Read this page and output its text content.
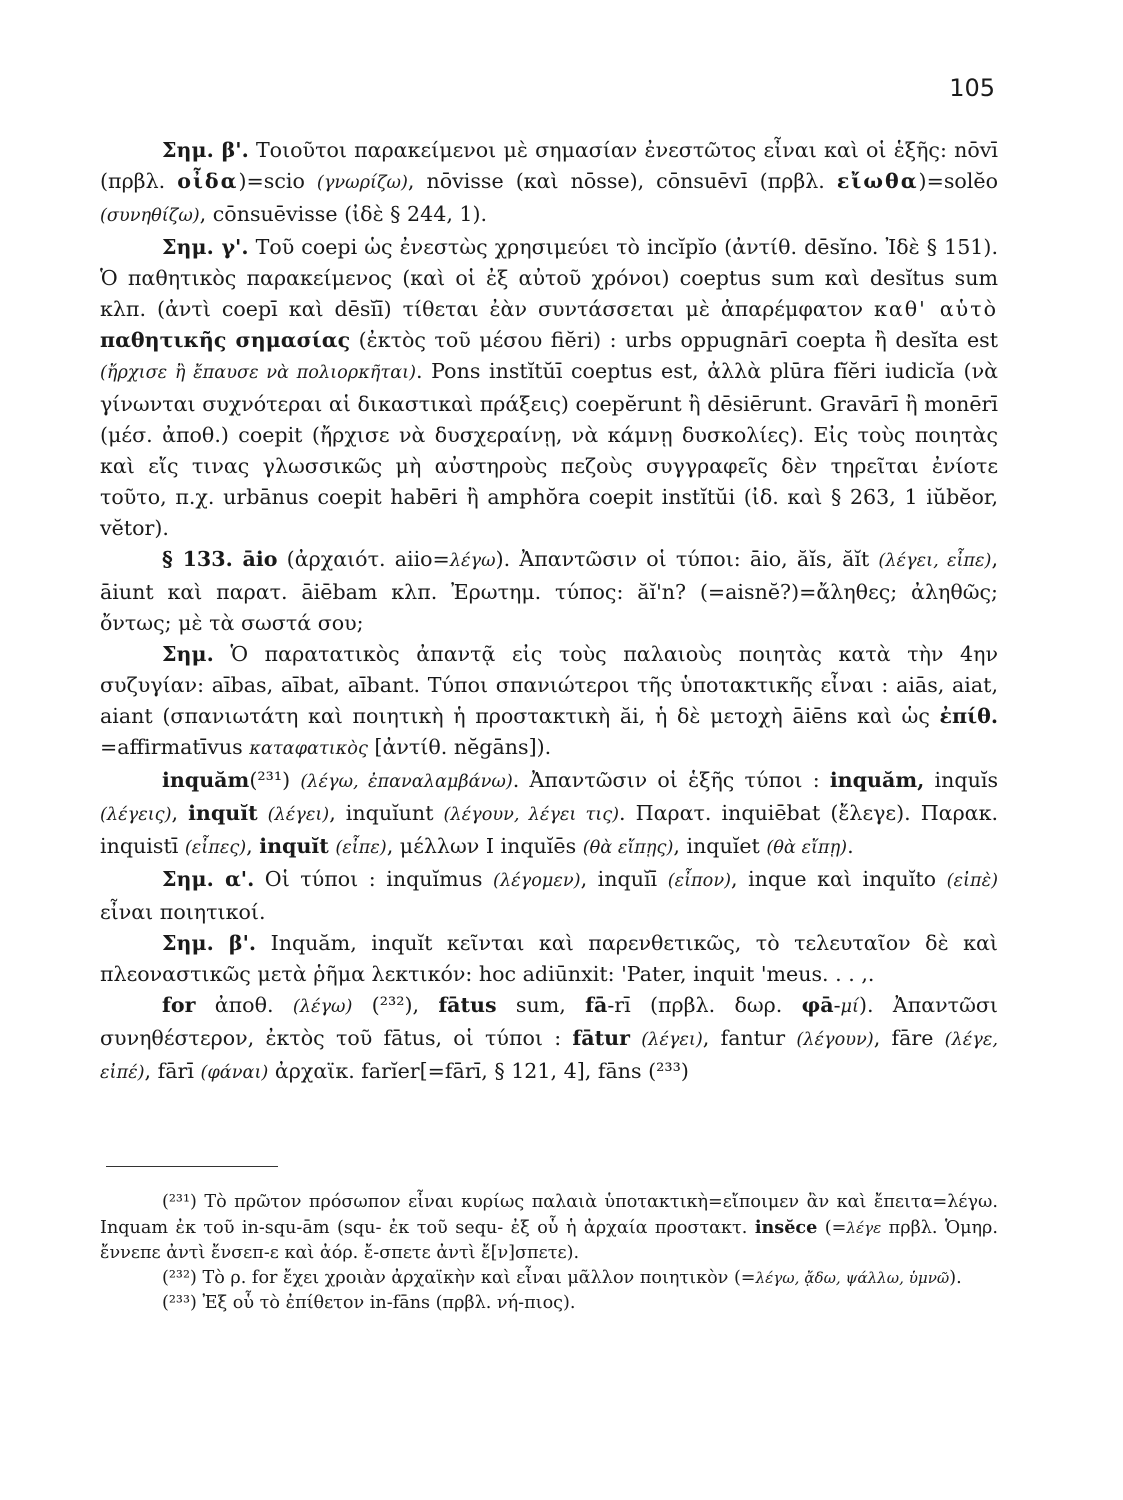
105

Σημ. β'. Τοιοῦτοι παρακείμενοι μὲ σημασίαν ἐνεστῶτος εἶναι καὶ οἱ ἑξῆς: nōvī (πρβλ. οἶδα)=scio (γνωρίζω), nōvisse (καὶ nōsse), cōnsuēvī (πρβλ. εἴωθα)=solĕo (συνηθίζω), cōnsuēvisse (ἰδὲ § 244, 1).

Σημ. γ'. Τοῦ coepi ὡς ἐνεστὼς χρησιμεύει τὸ incĭpĭo (ἀντίθ. dēsĭno. Ἰδὲ § 151). Ὁ παθητικὸς παρακείμενος (καὶ οἱ ἐξ αὐτοῦ χρόνοι) coeptus sum καὶ desĭtus sum κλπ. (ἀντὶ coepī καὶ dēsĭī) τίθεται ἐὰν συντάσσεται μὲ ἀπαρέμφατον καθ' αὑτὸ παθητικῆς σημασίας (ἐκτὸς τοῦ μέσου fiĕri) : urbs oppugnārī coepta ἢ desĭta est (ἤρχισε ἢ ἔπαυσε νὰ πολιορκῆται). Pons instĭtŭī coeptus est, ἀλλὰ plūra fĭĕri iudicĭa (νὰ γίνωνται συχνότεραι αἱ δικαστικαὶ πράξεις) coepĕrunt ἢ dēsiērunt. Gravārī ἢ monērī (μέσ. ἀποθ.) coepit (ἤρχισε νὰ δυσχεραίνῃ, νὰ κάμνῃ δυσκολίες). Εἰς τοὺς ποιητὰς καὶ εἴς τινας γλωσσικῶς μὴ αὐστηροὺς πεζοὺς συγγραφεῖς δὲν τηρεῖται ἐνίοτε τοῦτο, π.χ. urbānus coepit habēri ἢ amphŏra coepit instĭtŭi (ἰδ. καὶ § 263, 1 iŭbĕor, vĕtor).

§ 133. āio (ἀρχαιότ. aiio=λέγω). Ἀπαντῶσιν οἱ τύποι: āio, ăĭs, ăĭt (λέγει, εἶπε), āiunt καὶ παρατ. āiēbam κλπ. Ἐρωτημ. τύπος: ăĭ'n? (=aisnĕ?)=ἄληθες; ἀληθῶς; ὄντως; μὲ τὰ σωστά σου;

Σημ. Ὁ παρατατικὸς ἀπαντᾷ εἰς τοὺς παλαιοὺς ποιητὰς κατὰ τὴν 4ην συζυγίαν: aības, aībat, aībant. Τύποι σπανιώτεροι τῆς ὑποτακτικῆς εἶναι : aiās, aiat, aiant (σπανιωτάτη καὶ ποιητικὴ ἡ προστακτικὴ ăi, ἡ δὲ μετοχὴ āiēns καὶ ὡς ἐπίθ. =affirmatīvus καταφατικὸς [ἀντίθ. nĕgāns]).

inquăm(²³¹) (λέγω, ἐπαναλαμβάνω). Ἀπαντῶσιν οἱ ἑξῆς τύποι : inquăm, inquĭs (λέγεις), inquĭt (λέγει), inquĭunt (λέγουν, λέγει τις). Παρατ. inquiēbat (ἔλεγε). Παρακ. inquistī (εἶπες), inquĭt (εἶπε), μέλλων I inquĭēs (θὰ εἴπῃς), inquĭet (θὰ εἴπῃ).

Σημ. α'. Οἱ τύποι : inquĭmus (λέγομεν), inquĭī (εἶπον), inque καὶ inquĭto (εἰπὲ) εἶναι ποιητικοί.

Σημ. β'. Inquăm, inquĭt κεῖνται καὶ παρενθετικῶς, τὸ τελευταῖον δὲ καὶ πλεοναστικῶς μετὰ ῥῆμα λεκτικόν: hoc adiūnxit: 'Pater, inquit 'meus. . . ,.

for ἀποθ. (λέγω) (²³²), fātus sum, fā-rī (πρβλ. δωρ. φā-μί). Ἀπαντῶσι συνηθέστερον, ἐκτὸς τοῦ fātus, οἱ τύποι : fātur (λέγει), fantur (λέγουν), fāre (λέγε, εἰπέ), fārī (φάναι) ἀρχαϊκ. farĭer[=fārī, § 121, 4], fāns (²³³)

(²³¹) Τὸ πρῶτον πρόσωπον εἶναι κυρίως παλαιὰ ὑποτακτικὴ=εἴποιμεν ἂν καὶ ἔπειτα=λέγω. Inquam ἐκ τοῦ in-squ-ām (squ- ἐκ τοῦ sequ- ἐξ οὗ ἡ ἀρχαία προστακτ. insĕce (=λέγε πρβλ. Ὁμηρ. ἔννεπε ἀντὶ ἔνσεπ-ε καὶ ἀόρ. ἔ-σπετε ἀντὶ ἔ[ν]σπετε).

(²³²) Τὸ ρ. for ἔχει χροιὰν ἀρχαϊκὴν καὶ εἶναι μᾶλλον ποιητικὸν (=λέγω, ᾄδω, ψάλλω, ὑμνῶ).

(²³³) Ἐξ οὗ τὸ ἐπίθετον in-fāns (πρβλ. νή-πιος).
